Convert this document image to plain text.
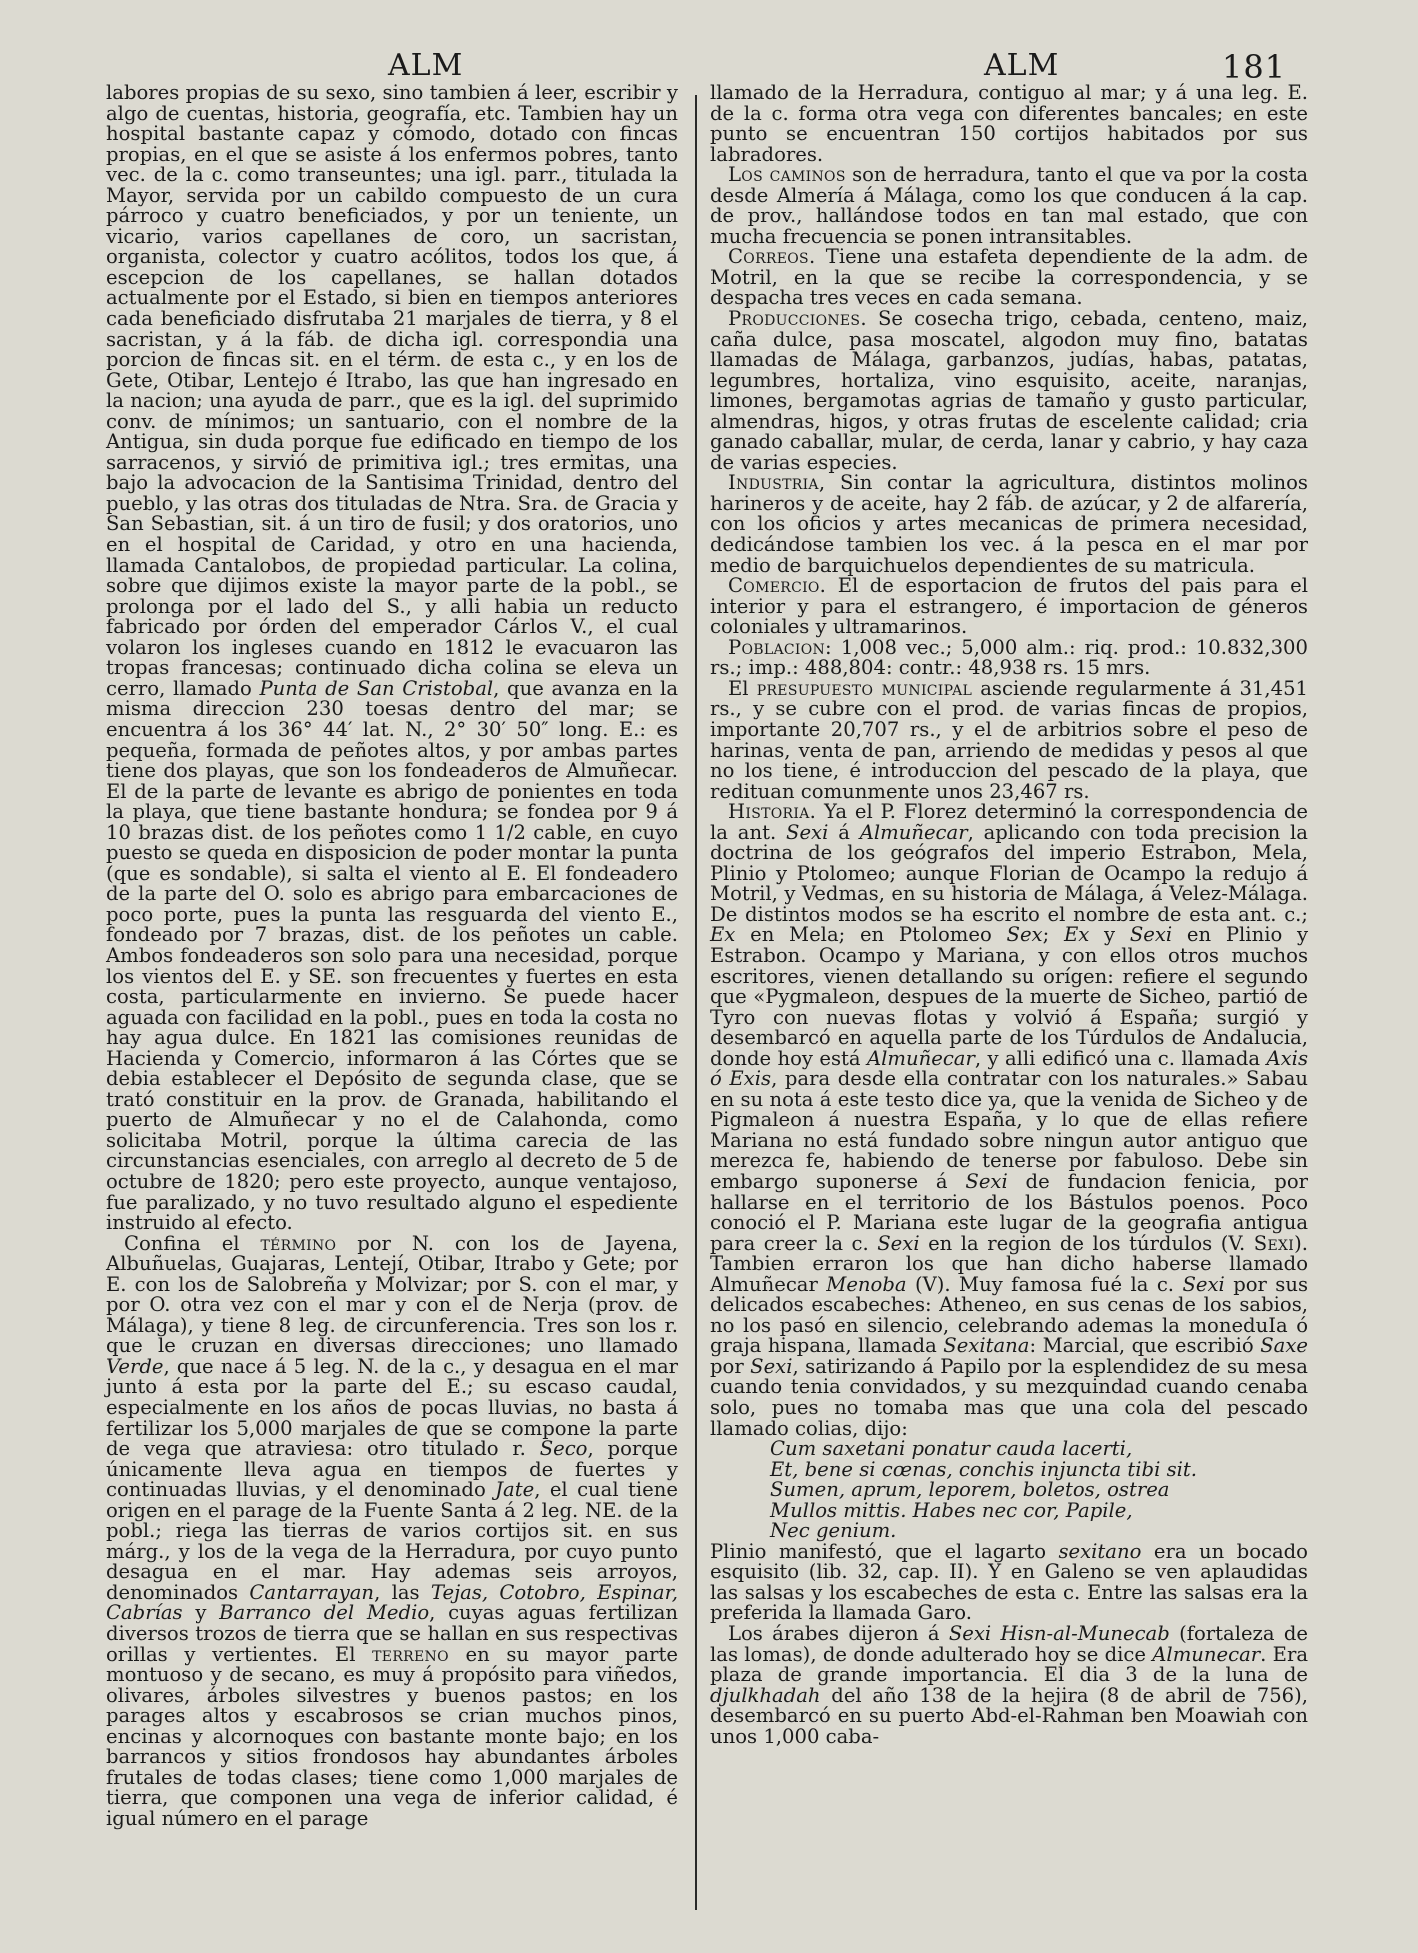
ALM	ALM	181

labores propias de su sexo, sino tambien á leer, escribir y algo de cuentas, historia, geografía, etc. Tambien hay un hospital bastante capaz y cómodo, dotado con fincas propias, en el que se asiste á los enfermos pobres, tanto vec. de la c. como transeuntes; una igl. parr., titulada la Mayor, servida por un cabildo compuesto de un cura párroco y cuatro beneficiados, y por un teniente, un vicario, varios capellanes de coro, un sacristan, organista, colector y cuatro acólitos, todos los que, á escepcion de los capellanes, se hallan dotados actualmente por el Estado, si bien en tiempos anteriores cada beneficiado disfrutaba 21 marjales de tierra, y 8 el sacristan, y á la fáb. de dicha igl. correspondia una porcion de fincas sit. en el térm. de esta c., y en los de Gete, Otibar, Lentejo é Itrabo, las que han ingresado en la nacion; una ayuda de parr., que es la igl. del suprimido conv. de mínimos; un santuario, con el nombre de la Antigua, sin duda porque fue edificado en tiempo de los sarracenos, y sirvió de primitiva igl.; tres ermitas, una bajo la advocacion de la Santisima Trinidad, dentro del pueblo, y las otras dos tituladas de Ntra. Sra. de Gracia y San Sebastian, sit. á un tiro de fusil; y dos oratorios, uno en el hospital de Caridad, y otro en una hacienda, llamada Cantalobos, de propiedad particular. La colina, sobre que dijimos existe la mayor parte de la pobl., se prolonga por el lado del S., y alli habia un reducto fabricado por órden del emperador Cárlos V., el cual volaron los ingleses cuando en 1812 le evacuaron las tropas francesas; continuado dicha colina se eleva un cerro, llamado Punta de San Cristobal, que avanza en la misma direccion 230 toesas dentro del mar; se encuentra á los 36° 44′ lat. N., 2° 30′ 50″ long. E.: es pequeña, formada de peñotes altos, y por ambas partes tiene dos playas, que son los fondeaderos de Almuñecar. El de la parte de levante es abrigo de ponientes en toda la playa, que tiene bastante hondura; se fondea por 9 á 10 brazas dist. de los peñotes como 1 1/2 cable, en cuyo puesto se queda en disposicion de poder montar la punta (que es sondable), si salta el viento al E. El fondeadero de la parte del O. solo es abrigo para embarcaciones de poco porte, pues la punta las resguarda del viento E., fondeado por 7 brazas, dist. de los peñotes un cable. Ambos fondeaderos son solo para una necesidad, porque los vientos del E. y SE. son frecuentes y fuertes en esta costa, particularmente en invierno. Se puede hacer aguada con facilidad en la pobl., pues en toda la costa no hay agua dulce. En 1821 las comisiones reunidas de Hacienda y Comercio, informaron á las Córtes que se debia establecer el Depósito de segunda clase, que se trató constituir en la prov. de Granada, habilitando el puerto de Almuñecar y no el de Calahonda, como solicitaba Motril, porque la última carecia de las circunstancias esenciales, con arreglo al decreto de 5 de octubre de 1820; pero este proyecto, aunque ventajoso, fue paralizado, y no tuvo resultado alguno el espediente instruido al efecto.

Confina el término por N. con los de Jayena, Albuñuelas, Guajaras, Lentejí, Otibar, Itrabo y Gete; por E. con los de Salobreña y Molvizar; por S. con el mar, y por O. otra vez con el mar y con el de Nerja (prov. de Málaga), y tiene 8 leg. de circunferencia. Tres son los r. que le cruzan en diversas direcciones; uno llamado Verde, que nace á 5 leg. N. de la c., y desagua en el mar junto á esta por la parte del E.; su escaso caudal, especialmente en los años de pocas lluvias, no basta á fertilizar los 5,000 marjales de que se compone la parte de vega que atraviesa: otro titulado r. Seco, porque únicamente lleva agua en tiempos de fuertes y continuadas lluvias, y el denominado Jate, el cual tiene origen en el parage de la Fuente Santa á 2 leg. NE. de la pobl.; riega las tierras de varios cortijos sit. en sus márg., y los de la vega de la Herradura, por cuyo punto desagua en el mar. Hay ademas seis arroyos, denominados Cantarrayan, las Tejas, Cotobro, Espinar, Cabrías y Barranco del Medio, cuyas aguas fertilizan diversos trozos de tierra que se hallan en sus respectivas orillas y vertientes. El terreno en su mayor parte montuoso y de secano, es muy á propósito para viñedos, olivares, árboles silvestres y buenos pastos; en los parages altos y escabrosos se crian muchos pinos, encinas y alcornoques con bastante monte bajo; en los barrancos y sitios frondosos hay abundantes árboles frutales de todas clases; tiene como 1,000 marjales de tierra, que componen una vega de inferior calidad, é igual número en el parage

llamado de la Herradura, contiguo al mar; y á una leg. E. de la c. forma otra vega con diferentes bancales; en este punto se encuentran 150 cortijos habitados por sus labradores.

Los caminos son de herradura, tanto el que va por la costa desde Almería á Málaga, como los que conducen á la cap. de prov., hallándose todos en tan mal estado, que con mucha frecuencia se ponen intransitables.

Correos. Tiene una estafeta dependiente de la adm. de Motril, en la que se recibe la correspondencia, y se despacha tres veces en cada semana.

Producciones. Se cosecha trigo, cebada, centeno, maiz, caña dulce, pasa moscatel, algodon muy fino, batatas llamadas de Málaga, garbanzos, judías, habas, patatas, legumbres, hortaliza, vino esquisito, aceite, naranjas, limones, bergamotas agrias de tamaño y gusto particular, almendras, higos, y otras frutas de escelente calidad; cria ganado caballar, mular, de cerda, lanar y cabrio, y hay caza de varias especies.

Industria, Sin contar la agricultura, distintos molinos harineros y de aceite, hay 2 fáb. de azúcar, y 2 de alfarería, con los oficios y artes mecanicas de primera necesidad, dedicándose tambien los vec. á la pesca en el mar por medio de barquichuelos dependientes de su matricula.

Comercio. El de esportacion de frutos del pais para el interior y para el estrangero, é importacion de géneros coloniales y ultramarinos.

Poblacion: 1,008 vec.; 5,000 alm.: riq. prod.: 10.832,300 rs.; imp.: 488,804: contr.: 48,938 rs. 15 mrs.

El presupuesto municipal asciende regularmente á 31,451 rs., y se cubre con el prod. de varias fincas de propios, importante 20,707 rs., y el de arbitrios sobre el peso de harinas, venta de pan, arriendo de medidas y pesos al que no los tiene, é introduccion del pescado de la playa, que redituan comunmente unos 23,467 rs.

Historia. Ya el P. Florez determinó la correspondencia de la ant. Sexi á Almuñecar, aplicando con toda precision la doctrina de los geógrafos del imperio Estrabon, Mela, Plinio y Ptolomeo; aunque Florian de Ocampo la redujo á Motril, y Vedmas, en su historia de Málaga, á Velez-Málaga. De distintos modos se ha escrito el nombre de esta ant. c.; Ex en Mela; en Ptolomeo Sex; Ex y Sexi en Plinio y Estrabon. Ocampo y Mariana, y con ellos otros muchos escritores, vienen detallando su orígen: refiere el segundo que «Pygmaleon, despues de la muerte de Sicheo, partió de Tyro con nuevas flotas y volvió á España; surgió y desembarcó en aquella parte de los Túrdulos de Andalucia, donde hoy está Almuñecar, y alli edificó una c. llamada Axis ó Exis, para desde ella contratar con los naturales.» Sabau en su nota á este testo dice ya, que la venida de Sicheo y de Pigmaleon á nuestra España, y lo que de ellas refiere Mariana no está fundado sobre ningun autor antiguo que merezca fe, habiendo de tenerse por fabuloso. Debe sin embargo suponerse á Sexi de fundacion fenicia, por hallarse en el territorio de los Bástulos poenos. Poco conoció el P. Mariana este lugar de la geografia antigua para creer la c. Sexi en la region de los túrdulos (V. Sexi). Tambien erraron los que han dicho haberse llamado Almuñecar Menoba (V). Muy famosa fué la c. Sexi por sus delicados escabeches: Atheneo, en sus cenas de los sabios, no los pasó en silencio, celebrando ademas la moneduIa ó graja hispana, llamada Sexitana: Marcial, que escribió Saxe por Sexi, satirizando á Papilo por la esplendidez de su mesa cuando tenia convidados, y su mezquindad cuando cenaba solo, pues no tomaba mas que una cola del pescado llamado colias, dijo:

Cum saxetani ponatur cauda lacerti,
Et, bene si cœnas, conchis injuncta tibi sit.
Sumen, aprum, leporem, boletos, ostrea
Mullos mittis. Habes nec cor, Papile,
Nec genium.

Plinio manifestó, que el lagarto sexitano era un bocado esquisito (lib. 32, cap. II). Y en Galeno se ven aplaudidas las salsas y los escabeches de esta c. Entre las salsas era la preferida la llamada Garo.

Los árabes dijeron á Sexi Hisn-al-Munecab (fortaleza de las lomas), de donde adulterado hoy se dice Almunecar. Era plaza de grande importancia. El dia 3 de la luna de djulkhadah del año 138 de la hejira (8 de abril de 756), desembarcó en su puerto Abd-el-Rahman ben Moawiah con unos 1,000 caba-
